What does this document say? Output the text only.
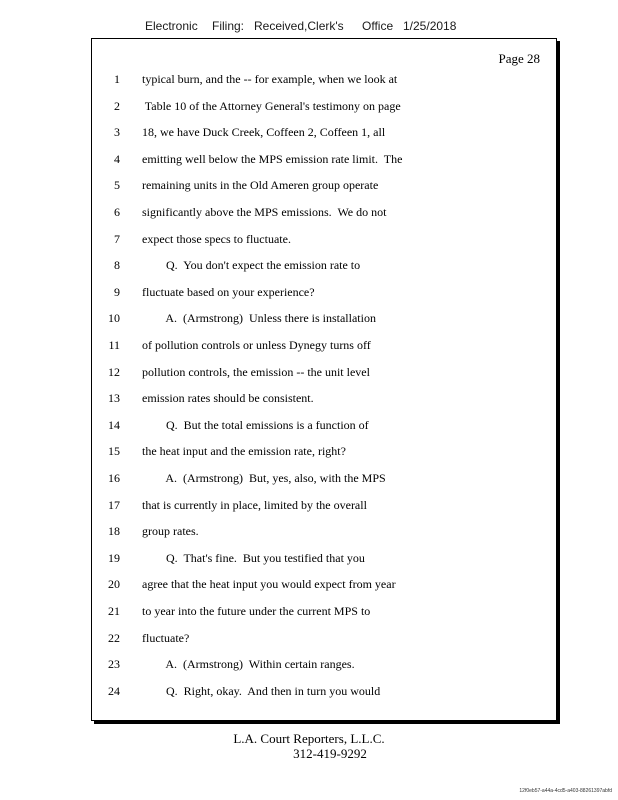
Electronic Filing: Received,Clerk's Office 1/25/2018
Page 28
1 typical burn, and the -- for example, when we look at
2 Table 10 of the Attorney General's testimony on page
3 18, we have Duck Creek, Coffeen 2, Coffeen 1, all
4 emitting well below the MPS emission rate limit.  The
5 remaining units in the Old Ameren group operate
6 significantly above the MPS emissions.  We do not
7 expect those specs to fluctuate.
8 Q.  You don't expect the emission rate to
9 fluctuate based on your experience?
10 A.  (Armstrong)  Unless there is installation
11 of pollution controls or unless Dynegy turns off
12 pollution controls, the emission -- the unit level
13 emission rates should be consistent.
14 Q.  But the total emissions is a function of
15 the heat input and the emission rate, right?
16 A.  (Armstrong)  But, yes, also, with the MPS
17 that is currently in place, limited by the overall
18 group rates.
19 Q.  That's fine.  But you testified that you
20 agree that the heat input you would expect from year
21 to year into the future under the current MPS to
22 fluctuate?
23 A.  (Armstrong)  Within certain ranges.
24 Q.  Right, okay.  And then in turn you would
L.A. Court Reporters, L.L.C.
312-419-9292
12f0eb57-a44a-4cd5-a403-88261397abfd
